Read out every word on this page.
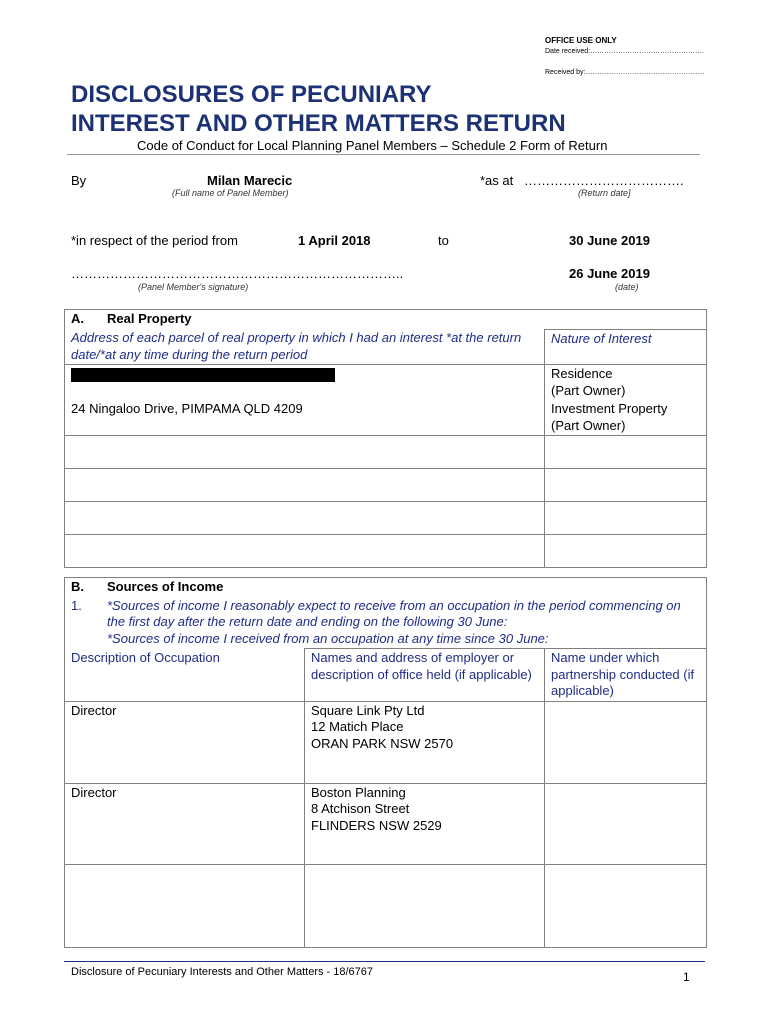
OFFICE USE ONLY
Date received:………………………………………….
Received by:……………………………………………
DISCLOSURES OF PECUNIARY
INTEREST AND OTHER MATTERS RETURN
Code of Conduct for Local Planning Panel Members – Schedule 2 Form of Return
By	Milan Marecic
(Full name of Panel Member)
*as at ……………………………….
(Return date]
*in respect of the period from	1 April 2018	to	30 June 2019
…………………………………………………………………..	26 June 2019
(Panel Member's signature)	(date)
A. Real Property	
Address of each parcel of real property in which I had an interest *at the return date/*at any time during the return period	Nature of Interest

	Residence
(Part Owner)

24 Ningaloo Drive, PIMPAMA QLD 4209	Investment Property
(Part Owner)

B. Sources of Income		

1. *Sources of income I reasonably expect to receive from an occupation in the period commencing on the first day after the return date and ending on the following 30 June:
*Sources of income I received from an occupation at any time since 30 June:		

Description of Occupation	Names and address of employer or description of office held (if applicable)	Name under which partnership conducted (if applicable)
Director	Square Link Pty Ltd
12 Matich Place
ORAN PARK NSW 2570	

Director	Boston Planning
8 Atchison Street
FLINDERS NSW 2529	

Disclosure of Pecuniary Interests and Other Matters - 18/6767	1
